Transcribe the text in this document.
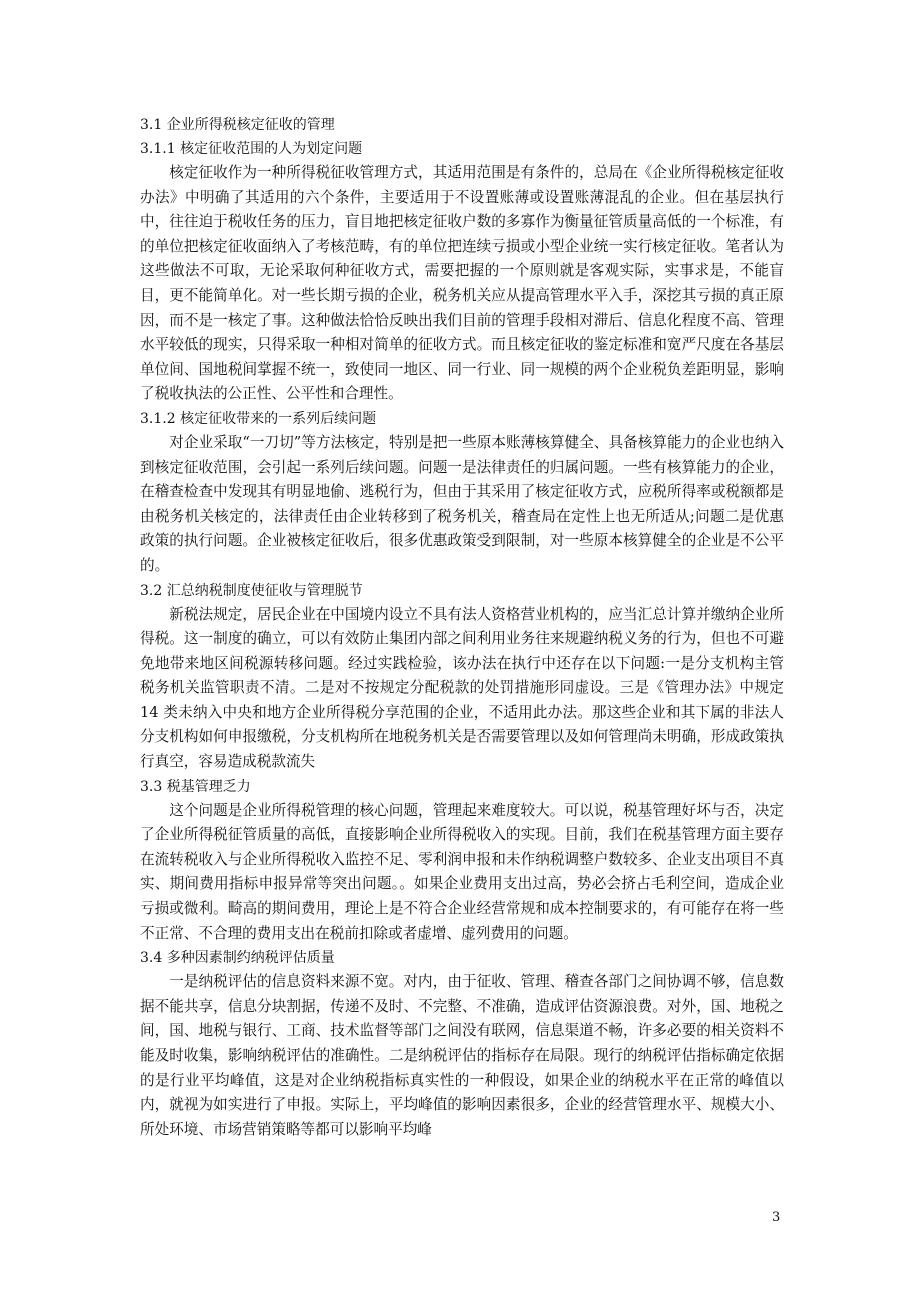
3.1 企业所得税核定征收的管理

3.1.1 核定征收范围的人为划定问题

核定征收作为一种所得税征收管理方式，其适用范围是有条件的，总局在《企业所得税核定征收办法》中明确了其适用的六个条件，主要适用于不设置账薄或设置账薄混乱的企业。但在基层执行中，往往迫于税收任务的压力，盲目地把核定征收户数的多寡作为衡量征管质量高低的一个标准，有的单位把核定征收面纳入了考核范畴，有的单位把连续亏损或小型企业统一实行核定征收。笔者认为这些做法不可取，无论采取何种征收方式，需要把握的一个原则就是客观实际，实事求是，不能盲目，更不能简单化。对一些长期亏损的企业，税务机关应从提高管理水平入手，深挖其亏损的真正原因，而不是一核定了事。这种做法恰恰反映出我们目前的管理手段相对滞后、信息化程度不高、管理水平较低的现实，只得采取一种相对简单的征收方式。而且核定征收的鉴定标准和宽严尺度在各基层单位间、国地税间掌握不统一，致使同一地区、同一行业、同一规模的两个企业税负差距明显，影响了税收执法的公正性、公平性和合理性。

3.1.2 核定征收带来的一系列后续问题

对企业采取“一刀切”等方法核定，特别是把一些原本账薄核算健全、具备核算能力的企业也纳入到核定征收范围，会引起一系列后续问题。问题一是法律责任的归属问题。一些有核算能力的企业，在稽查检查中发现其有明显地偷、逃税行为，但由于其采用了核定征收方式，应税所得率或税额都是由税务机关核定的，法律责任由企业转移到了税务机关，稽查局在定性上也无所适从;问题二是优惠政策的执行问题。企业被核定征收后，很多优惠政策受到限制，对一些原本核算健全的企业是不公平的。

3.2 汇总纳税制度使征收与管理脱节

新税法规定，居民企业在中国境内设立不具有法人资格营业机构的，应当汇总计算并缴纳企业所得税。这一制度的确立，可以有效防止集团内部之间利用业务往来规避纳税义务的行为，但也不可避免地带来地区间税源转移问题。经过实践检验，该办法在执行中还存在以下问题:一是分支机构主管税务机关监管职责不清。二是对不按规定分配税款的处罚措施形同虚设。三是《管理办法》中规定 14 类未纳入中央和地方企业所得税分享范围的企业，不适用此办法。那这些企业和其下属的非法人分支机构如何申报缴税，分支机构所在地税务机关是否需要管理以及如何管理尚未明确，形成政策执行真空，容易造成税款流失

3.3 税基管理乏力

这个问题是企业所得税管理的核心问题，管理起来难度较大。可以说，税基管理好坏与否，决定了企业所得税征管质量的高低，直接影响企业所得税收入的实现。目前，我们在税基管理方面主要存在流转税收入与企业所得税收入监控不足、零利润申报和未作纳税调整户数较多、企业支出项目不真实、期间费用指标申报异常等突出问题。。如果企业费用支出过高，势必会挤占毛利空间，造成企业亏损或微利。畸高的期间费用，理论上是不符合企业经营常规和成本控制要求的，有可能存在将一些不正常、不合理的费用支出在税前扣除或者虚增、虚列费用的问题。

3.4 多种因素制约纳税评估质量

一是纳税评估的信息资料来源不宽。对内，由于征收、管理、稽查各部门之间协调不够，信息数据不能共享，信息分块割据，传递不及时、不完整、不准确，造成评估资源浪费。对外，国、地税之间，国、地税与银行、工商、技术监督等部门之间没有联网，信息渠道不畅，许多必要的相关资料不能及时收集，影响纳税评估的准确性。二是纳税评估的指标存在局限。现行的纳税评估指标确定依据的是行业平均峰值，这是对企业纳税指标真实性的一种假设，如果企业的纳税水平在正常的峰值以内，就视为如实进行了申报。实际上，平均峰值的影响因素很多，企业的经营管理水平、规模大小、所处环境、市场营销策略等都可以影响平均峰

3
